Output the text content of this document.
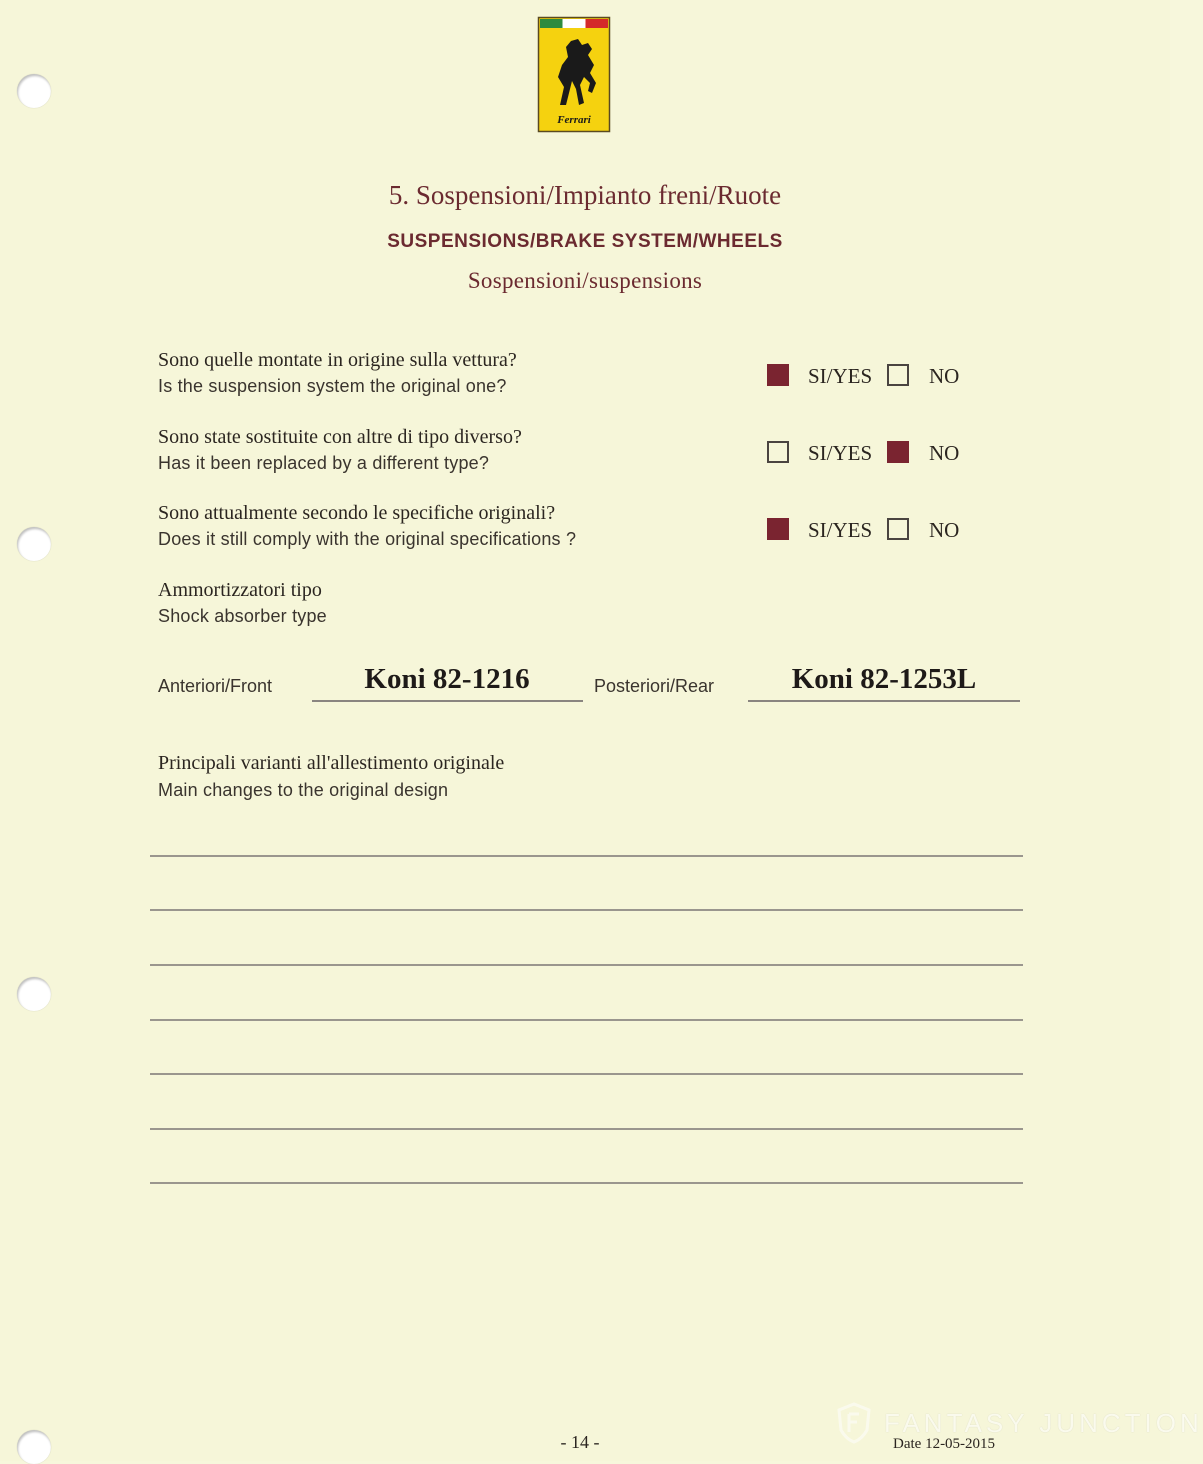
Ferrari
5. Sospensioni/Impianto freni/Ruote
SUSPENSIONS/BRAKE SYSTEM/WHEELS
Sospensioni/suspensions
Sono quelle montate in origine sulla vettura?
Is the suspension system the original one?	SI/YES	NO
Sono state sostituite con altre di tipo diverso?
Has it been replaced by a different type?	SI/YES	NO
Sono attualmente secondo le specifiche originali?
Does it still comply with the original specifications ?	SI/YES	NO
Ammortizzatori tipo
Shock absorber type
Anteriori/Front	Koni 82-1216	Posteriori/Rear	Koni 82-1253L
Principali varianti all'allestimento originale
Main changes to the original design
- 14 -	Date 12-05-2015
FANTASY JUNCTION
